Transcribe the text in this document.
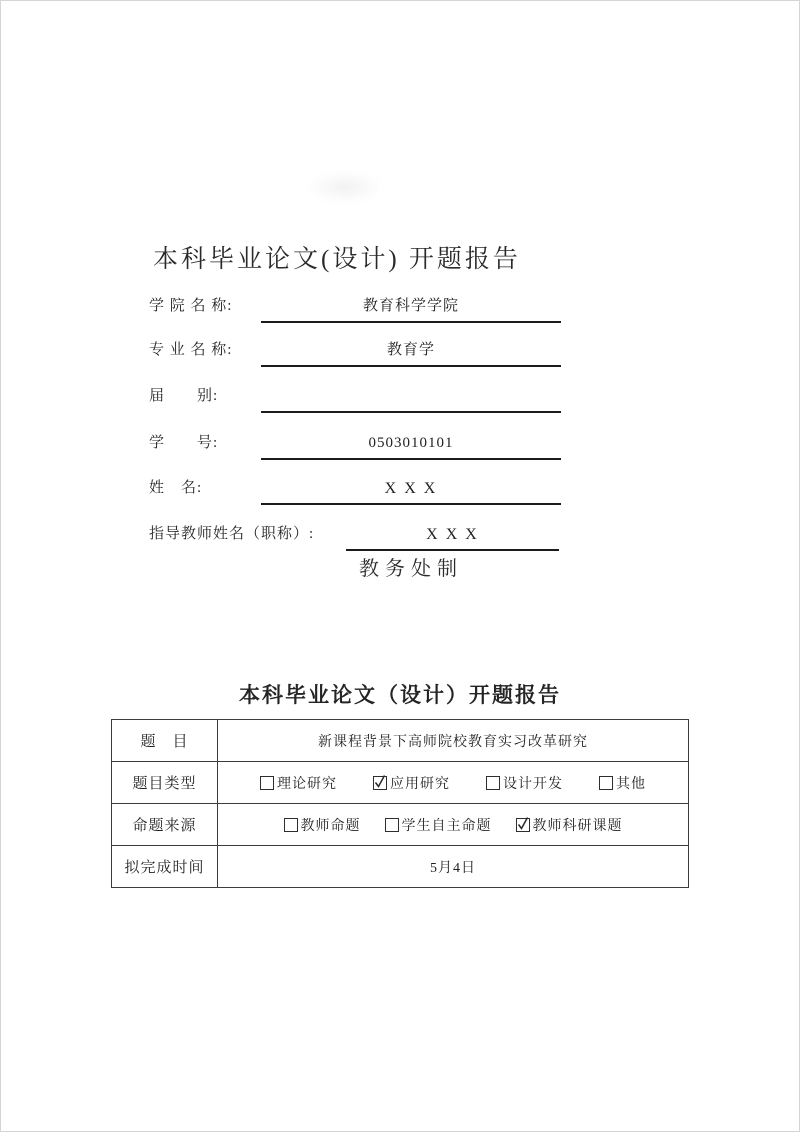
本科毕业论文(设计) 开题报告
学 院 名 称:	教育科学学院
专 业 名 称:	教育学
届　　别:
学　　号:	0503010101
姓　名:	X X X
指导教师姓名（职称）:	X X X
教务处制
本科毕业论文（设计）开题报告
题　目	新课程背景下高师院校教育实习改革研究
题目类型	理论研究 应用研究 设计开发 其他

命题来源	教师命题 学生自主命题 教师科研课题

拟完成时间	5月4日
